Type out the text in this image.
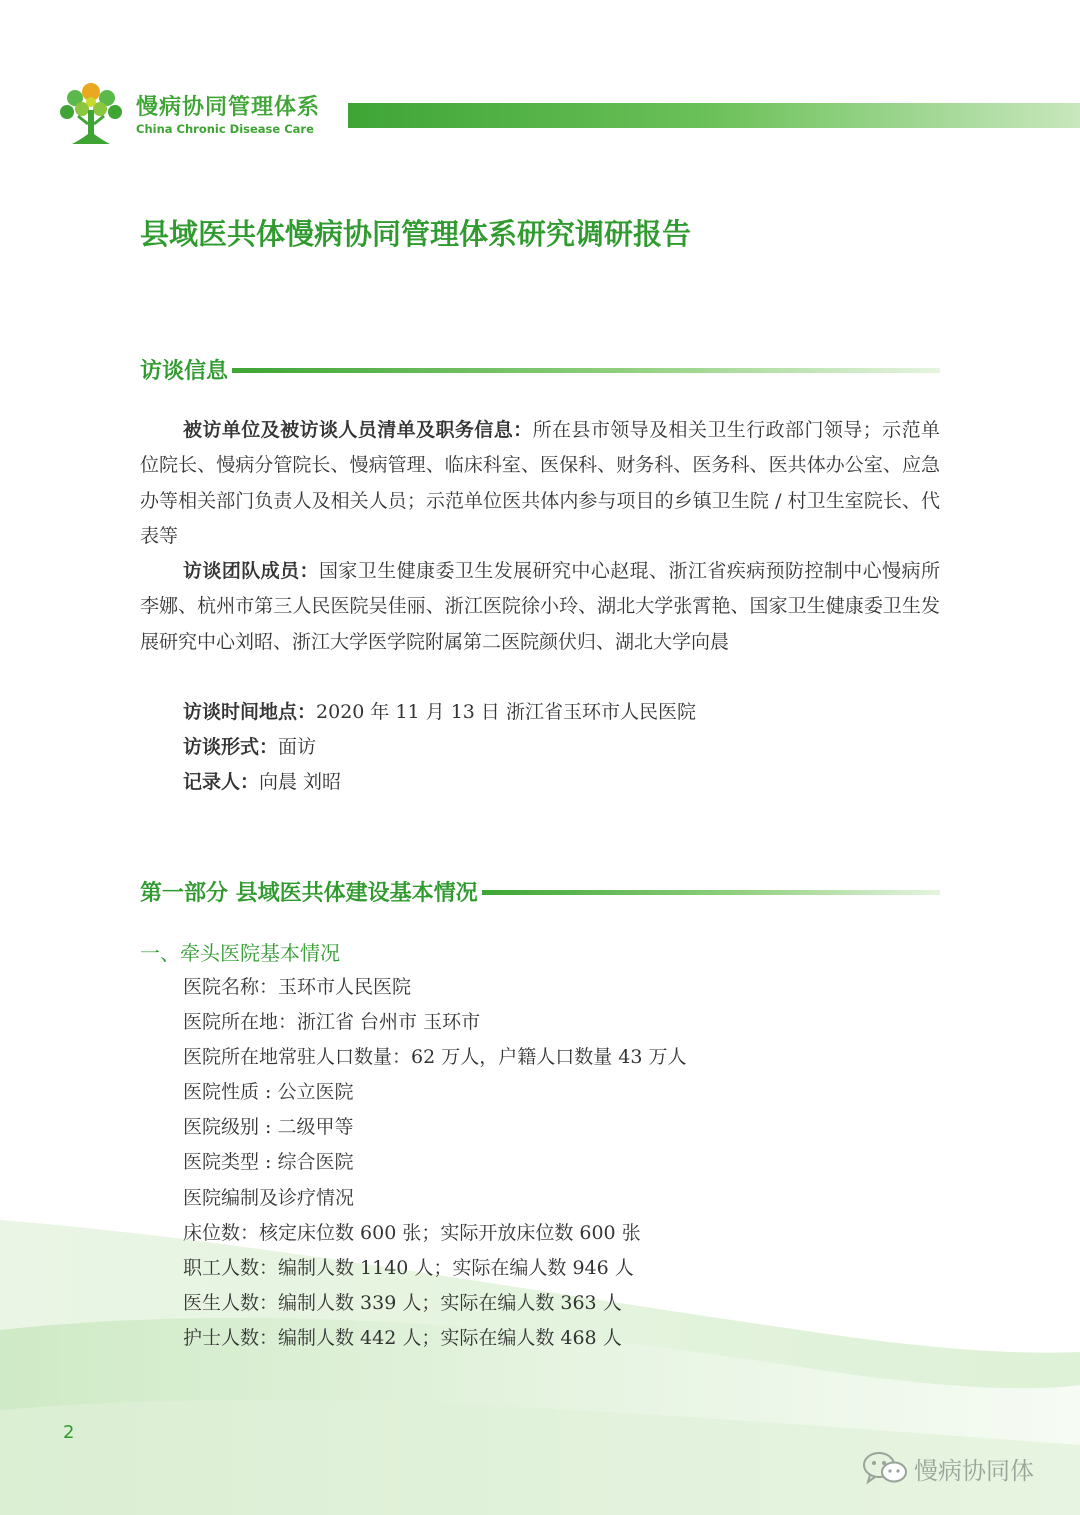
慢病协同管理体系
China Chronic Disease Care
县域医共体慢病协同管理体系研究调研报告
访谈信息

被访单位及被访谈人员清单及职务信息：所在县市领导及相关卫生行政部门领导；示范单位院长、慢病分管院长、慢病管理、临床科室、医保科、财务科、医务科、医共体办公室、应急办等相关部门负责人及相关人员；示范单位医共体内参与项目的乡镇卫生院 / 村卫生室院长、代表等

访谈团队成员：国家卫生健康委卫生发展研究中心赵琨、浙江省疾病预防控制中心慢病所李娜、杭州市第三人民医院吴佳丽、浙江医院徐小玲、湖北大学张霄艳、国家卫生健康委卫生发展研究中心刘昭、浙江大学医学院附属第二医院颜伏归、湖北大学向晨

访谈时间地点：2020 年 11 月 13 日 浙江省玉环市人民医院

访谈形式：面访

记录人：向晨 刘昭

第一部分 县域医共体建设基本情况

一、牵头医院基本情况

医院名称：玉环市人民医院

医院所在地：浙江省 台州市 玉环市

医院所在地常驻人口数量：62 万人，户籍人口数量 43 万人

医院性质 : 公立医院

医院级别 : 二级甲等

医院类型 : 综合医院

医院编制及诊疗情况

床位数：核定床位数 600 张；实际开放床位数 600 张

职工人数：编制人数 1140 人；实际在编人数 946 人

医生人数：编制人数 339 人；实际在编人数 363 人

护士人数：编制人数 442 人；实际在编人数 468 人

2
慢病协同体
